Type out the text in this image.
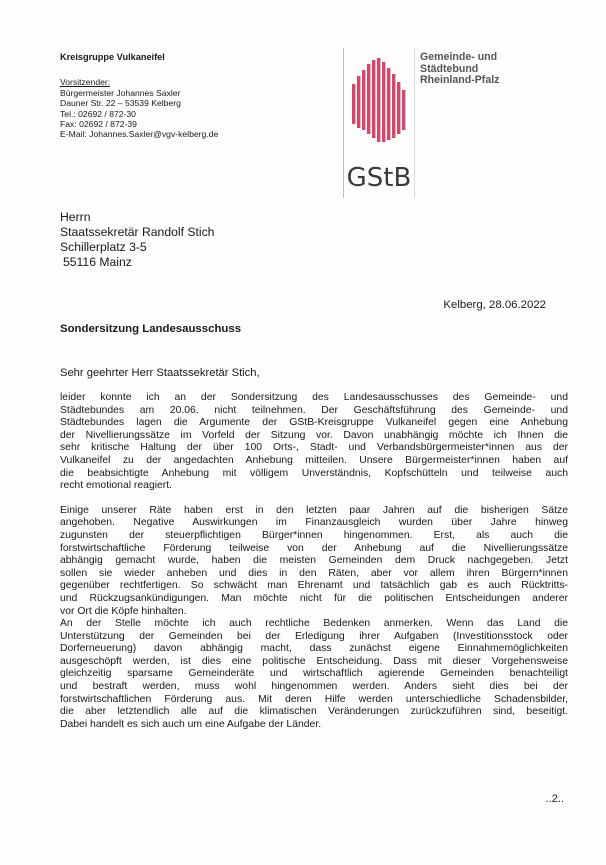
Kreisgruppe Vulkaneifel
Vorsitzender:
Bürgermeister Johannes Saxler
Dauner Str. 22 – 53539 Kelberg
Tel.: 02692 / 872-30
Fax: 02692 / 872-39
E-Mail: Johannes.Saxler@vgv-kelberg.de
GStB
Gemeinde- und
Städtebund
Rheinland-Pfalz
Herrn
Staatssekretär Randolf Stich
Schillerplatz 3-5
55116 Mainz
Kelberg, 28.06.2022
Sondersitzung Landesausschuss
Sehr geehrter Herr Staatssekretär Stich,

leider konnte ich an der Sondersitzung des Landesausschusses des Gemeinde- und
Städtebundes am 20.06. nicht teilnehmen. Der Geschäftsführung des Gemeinde- und
Städtebundes lagen die Argumente der GStB-Kreisgruppe Vulkaneifel gegen eine Anhebung
der Nivellierungssätze im Vorfeld der Sitzung vor. Davon unabhängig möchte ich Ihnen die
sehr kritische Haltung der über 100 Orts-, Stadt- und Verbandsbürgermeister*innen aus der
Vulkaneifel zu der angedachten Anhebung mitteilen. Unsere Bürgermeister*innen haben auf
die beabsichtigte Anhebung mit völligem Unverständnis, Kopfschütteln und teilweise auch
recht emotional reagiert.

Einige unserer Räte haben erst in den letzten paar Jahren auf die bisherigen Sätze
angehoben. Negative Auswirkungen im Finanzausgleich wurden über Jahre hinweg
zugunsten der steuerpflichtigen Bürger*innen hingenommen. Erst, als auch die
forstwirtschaftliche Förderung teilweise von der Anhebung auf die Nivellierungssätze
abhängig gemacht wurde, haben die meisten Gemeinden dem Druck nachgegeben. Jetzt
sollen sie wieder anheben und dies in den Räten, aber vor allem ihren Bürgern*innen
gegenüber rechtfertigen. So schwächt man Ehrenamt und tatsächlich gab es auch Rücktritts-
und Rückzugsankündigungen. Man möchte nicht für die politischen Entscheidungen anderer
vor Ort die Köpfe hinhalten.

An der Stelle möchte ich auch rechtliche Bedenken anmerken. Wenn das Land die
Unterstützung der Gemeinden bei der Erledigung ihrer Aufgaben (Investitionsstock oder
Dorferneuerung) davon abhängig macht, dass zunächst eigene Einnahmemöglichkeiten
ausgeschöpft werden, ist dies eine politische Entscheidung. Dass mit dieser Vorgehensweise
gleichzeitig sparsame Gemeinderäte und wirtschaftlich agierende Gemeinden benachteiligt
und bestraft werden, muss wohl hingenommen werden. Anders sieht dies bei der
forstwirtschaftlichen Förderung aus. Mit deren Hilfe werden unterschiedliche Schadensbilder,
die aber letztendlich alle auf die klimatischen Veränderungen zurückzuführen sind, beseitigt.
Dabei handelt es sich auch um eine Aufgabe der Länder.

..2..
